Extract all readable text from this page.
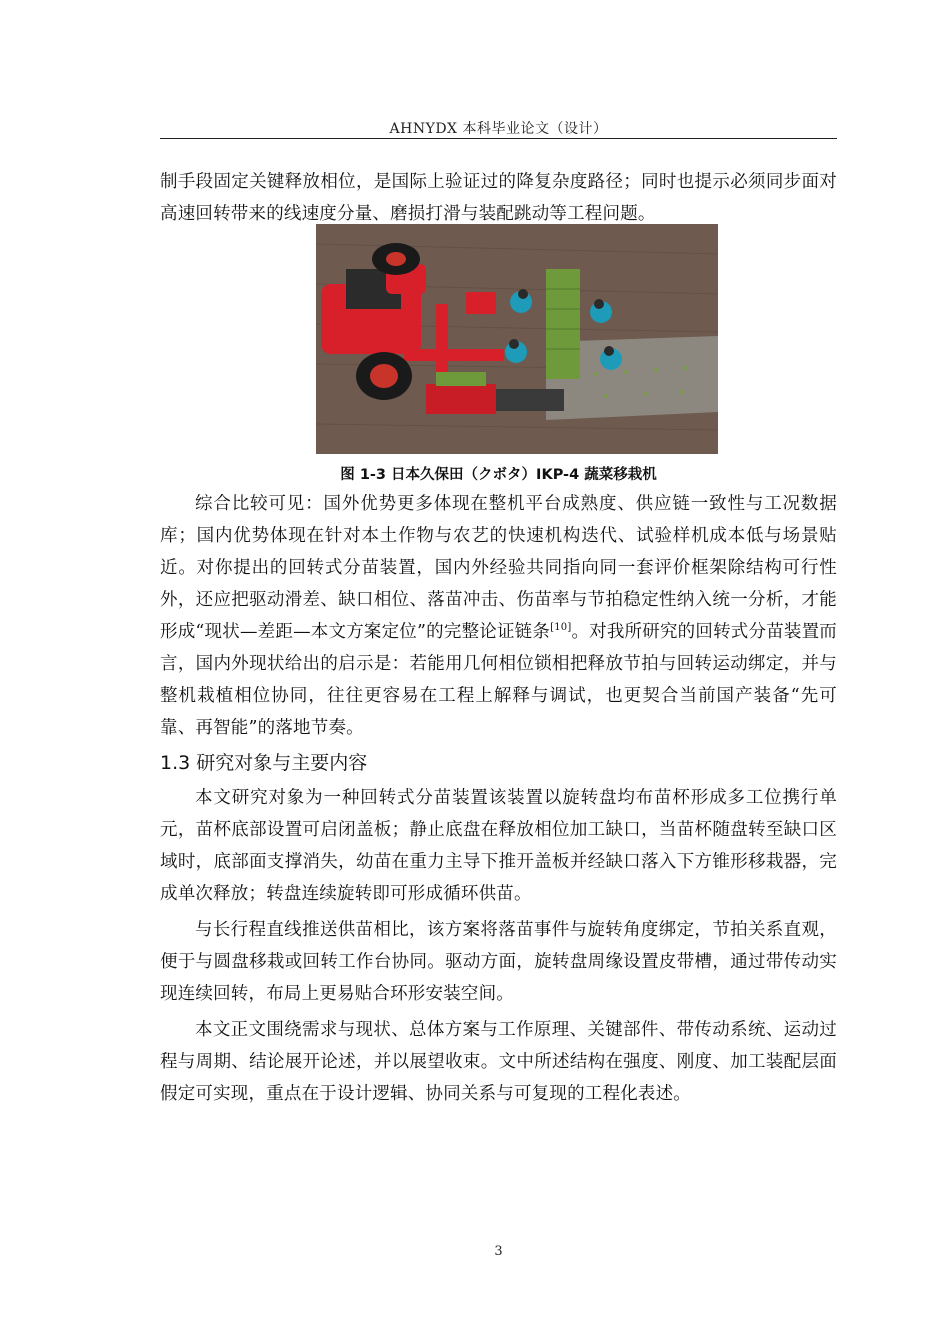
AHNYDX 本科毕业论文（设计）

制手段固定关键释放相位，是国际上验证过的降复杂度路径；同时也提示必须同步面对高速回转带来的线速度分量、磨损打滑与装配跳动等工程问题。

图 1-3 日本久保田（クボタ）IKP-4 蔬菜移栽机

综合比较可见：国外优势更多体现在整机平台成熟度、供应链一致性与工况数据库；国内优势体现在针对本土作物与农艺的快速机构迭代、试验样机成本低与场景贴近。对你提出的回转式分苗装置，国内外经验共同指向同一套评价框架除结构可行性外，还应把驱动滑差、缺口相位、落苗冲击、伤苗率与节拍稳定性纳入统一分析，才能形成“现状—差距—本文方案定位”的完整论证链条[10]。对我所研究的回转式分苗装置而言，国内外现状给出的启示是：若能用几何相位锁相把释放节拍与回转运动绑定，并与整机栽植相位协同，往往更容易在工程上解释与调试，也更契合当前国产装备“先可靠、再智能”的落地节奏。

1.3 研究对象与主要内容

本文研究对象为一种回转式分苗装置该装置以旋转盘均布苗杯形成多工位携行单元，苗杯底部设置可启闭盖板；静止底盘在释放相位加工缺口，当苗杯随盘转至缺口区域时，底部面支撑消失，幼苗在重力主导下推开盖板并经缺口落入下方锥形移栽器，完成单次释放；转盘连续旋转即可形成循环供苗。

与长行程直线推送供苗相比，该方案将落苗事件与旋转角度绑定，节拍关系直观，便于与圆盘移栽或回转工作台协同。驱动方面，旋转盘周缘设置皮带槽，通过带传动实现连续回转，布局上更易贴合环形安装空间。

本文正文围绕需求与现状、总体方案与工作原理、关键部件、带传动系统、运动过程与周期、结论展开论述，并以展望收束。文中所述结构在强度、刚度、加工装配层面假定可实现，重点在于设计逻辑、协同关系与可复现的工程化表述。

3
